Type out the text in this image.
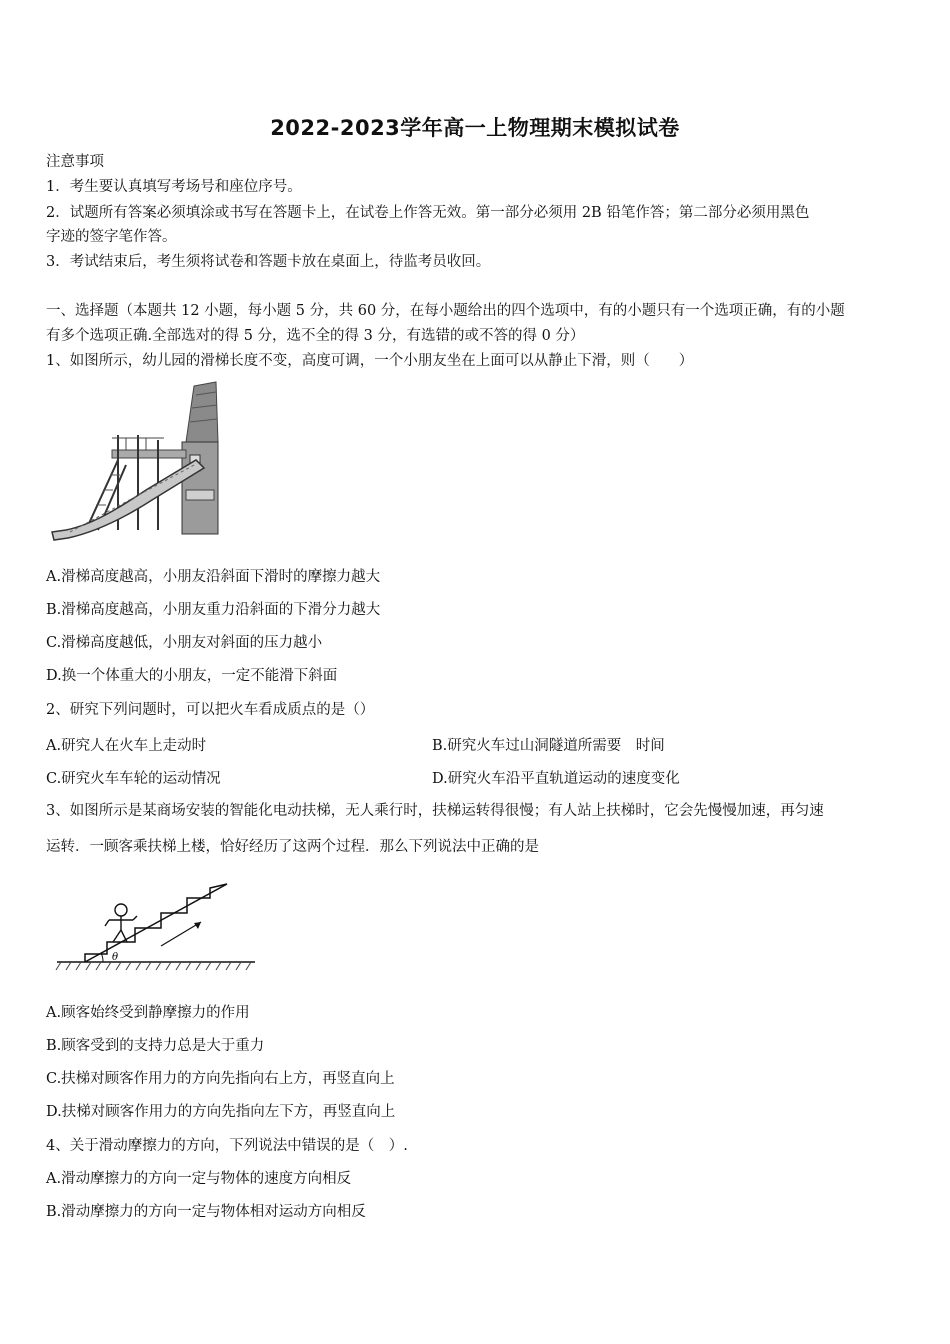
2022-2023学年高一上物理期末模拟试卷
注意事项
1．考生要认真填写考场号和座位序号。
2．试题所有答案必须填涂或书写在答题卡上，在试卷上作答无效。第一部分必须用 2B 铅笔作答；第二部分必须用黑色
字迹的签字笔作答。
3．考试结束后，考生须将试卷和答题卡放在桌面上，待监考员收回。
一、选择题（本题共 12 小题，每小题 5 分，共 60 分，在每小题给出的四个选项中，有的小题只有一个选项正确，有的小题
有多个选项正确.全部选对的得 5 分，选不全的得 3 分，有选错的或不答的得 0 分）
1、如图所示，幼儿园的滑梯长度不变，高度可调，一个小朋友坐在上面可以从静止下滑，则（　　）
A.滑梯高度越高，小朋友沿斜面下滑时的摩擦力越大
B.滑梯高度越高，小朋友重力沿斜面的下滑分力越大
C.滑梯高度越低，小朋友对斜面的压力越小
D.换一个体重大的小朋友，一定不能滑下斜面
2、研究下列问题时，可以把火车看成质点的是（）
A.研究人在火车上走动时	B.研究火车过山洞隧道所需要　时间
C.研究火车车轮的运动情况	D.研究火车沿平直轨道运动的速度变化
3、如图所示是某商场安装的智能化电动扶梯，无人乘行时，扶梯运转得很慢；有人站上扶梯时，它会先慢慢加速，再匀速
运转．一顾客乘扶梯上楼，恰好经历了这两个过程．那么下列说法中正确的是
θ
A.顾客始终受到静摩擦力的作用
B.顾客受到的支持力总是大于重力
C.扶梯对顾客作用力的方向先指向右上方，再竖直向上
D.扶梯对顾客作用力的方向先指向左下方，再竖直向上
4、关于滑动摩擦力的方向，下列说法中错误的是（　）.
A.滑动摩擦力的方向一定与物体的速度方向相反
B.滑动摩擦力的方向一定与物体相对运动方向相反
